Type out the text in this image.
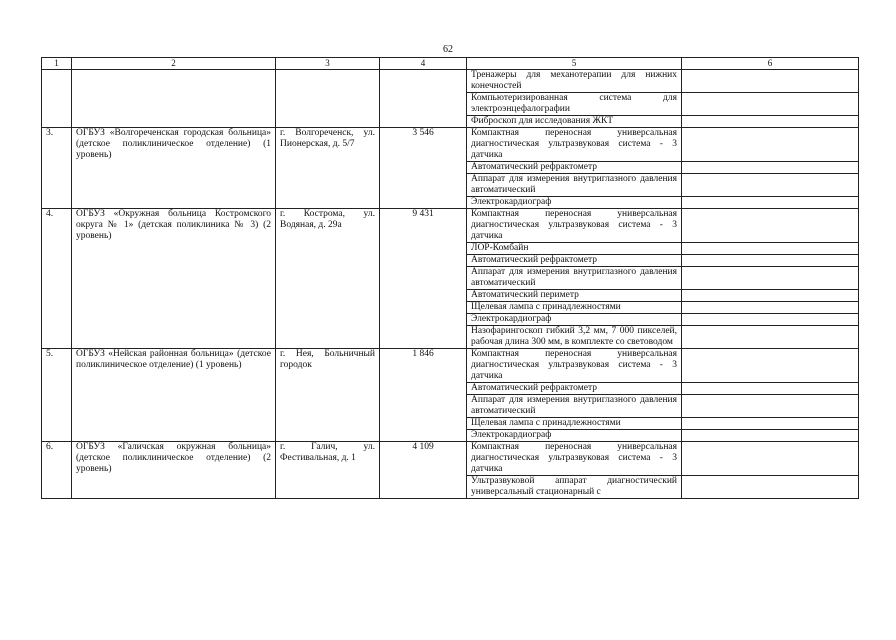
62
1	2	3	4	5	6
				Тренажеры для механотерапии для нижних конечностей	
				Компьютеризированная система для электроэнцефалографии	
				Фиброскоп для исследования ЖКТ	
3.	ОГБУЗ «Волгореченская городская больница» (детское поликлиническое отделение) (1 уровень)	г. Волгореченск, ул. Пионерская, д. 5/7	3 546	Компактная переносная универсальная диагностическая ультразвуковая система - 3 датчика	
				Автоматический рефрактометр	
				Аппарат для измерения внутриглазного давления автоматический	
				Электрокардиограф	
4.	ОГБУЗ «Окружная больница Костромского округа № 1» (детская поликлиника № 3) (2 уровень)	г. Кострома, ул. Водяная, д. 29а	9 431	Компактная переносная универсальная диагностическая ультразвуковая система - 3 датчика	
				ЛОР-Комбайн	
				Автоматический рефрактометр	
				Аппарат для измерения внутриглазного давления автоматический	
				Автоматический периметр	
				Щелевая лампа с принадлежностями	
				Электрокардиограф	
				Назофарингоскоп гибкий 3,2 мм, 7 000 пикселей, рабочая длина 300 мм, в комплекте со световодом	
5.	ОГБУЗ «Нейская районная больница» (детское поликлиническое отделение) (1 уровень)	г. Нея, Больничный городок	1 846	Компактная переносная универсальная диагностическая ультразвуковая система - 3 датчика	
				Автоматический рефрактометр	
				Аппарат для измерения внутриглазного давления автоматический	
				Щелевая лампа с принадлежностями	
				Электрокардиограф	
6.	ОГБУЗ «Галичская окружная больница» (детское поликлиническое отделение) (2 уровень)	г. Галич, ул. Фестивальная, д. 1	4 109	Компактная переносная универсальная диагностическая ультразвуковая система - 3 датчика	
				Ультразвуковой аппарат диагностический универсальный стационарный с	
